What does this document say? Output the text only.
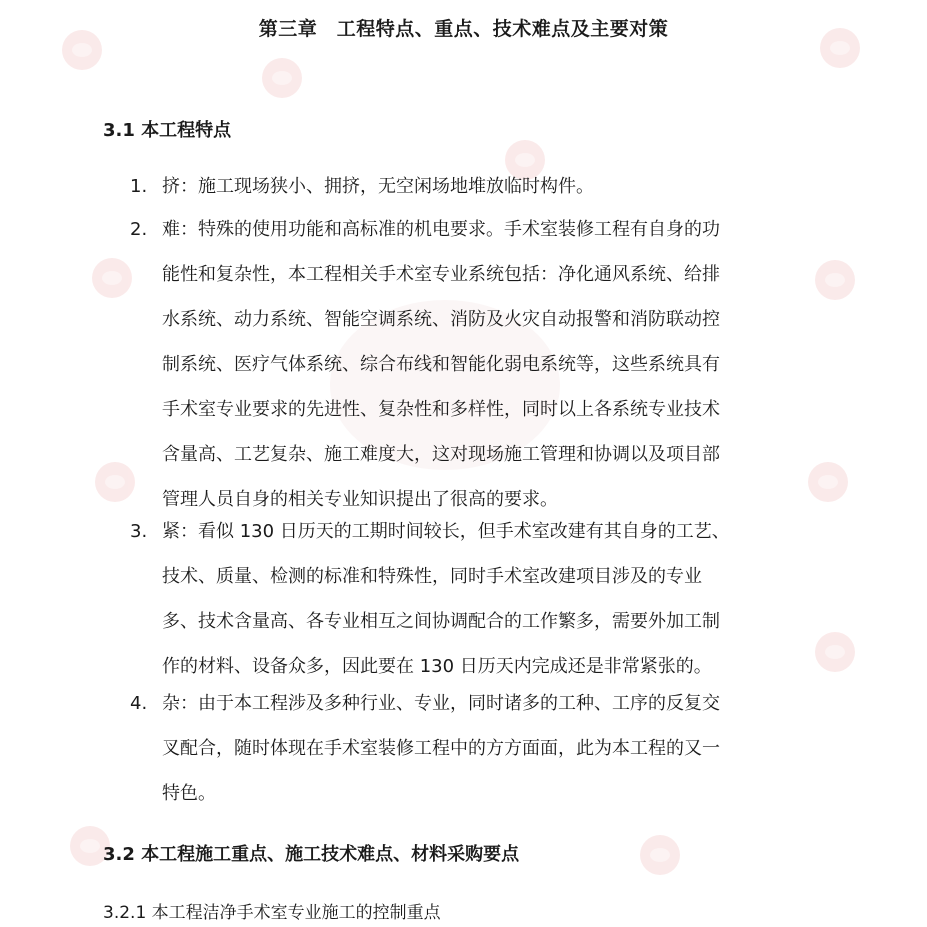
第三章　工程特点、重点、技术难点及主要对策
3.1 本工程特点
1. 挤：施工现场狭小、拥挤，无空闲场地堆放临时构件。
2. 难：特殊的使用功能和高标准的机电要求。手术室装修工程有自身的功
能性和复杂性，本工程相关手术室专业系统包括：净化通风系统、给排
水系统、动力系统、智能空调系统、消防及火灾自动报警和消防联动控
制系统、医疗气体系统、综合布线和智能化弱电系统等，这些系统具有
手术室专业要求的先进性、复杂性和多样性，同时以上各系统专业技术
含量高、工艺复杂、施工难度大，这对现场施工管理和协调以及项目部
管理人员自身的相关专业知识提出了很高的要求。
3. 紧：看似 130 日历天的工期时间较长，但手术室改建有其自身的工艺、
技术、质量、检测的标准和特殊性，同时手术室改建项目涉及的专业
多、技术含量高、各专业相互之间协调配合的工作繁多，需要外加工制
作的材料、设备众多，因此要在 130 日历天内完成还是非常紧张的。
4. 杂：由于本工程涉及多种行业、专业，同时诸多的工种、工序的反复交
叉配合，随时体现在手术室装修工程中的方方面面，此为本工程的又一
特色。
3.2 本工程施工重点、施工技术难点、材料采购要点
3.2.1 本工程洁净手术室专业施工的控制重点
